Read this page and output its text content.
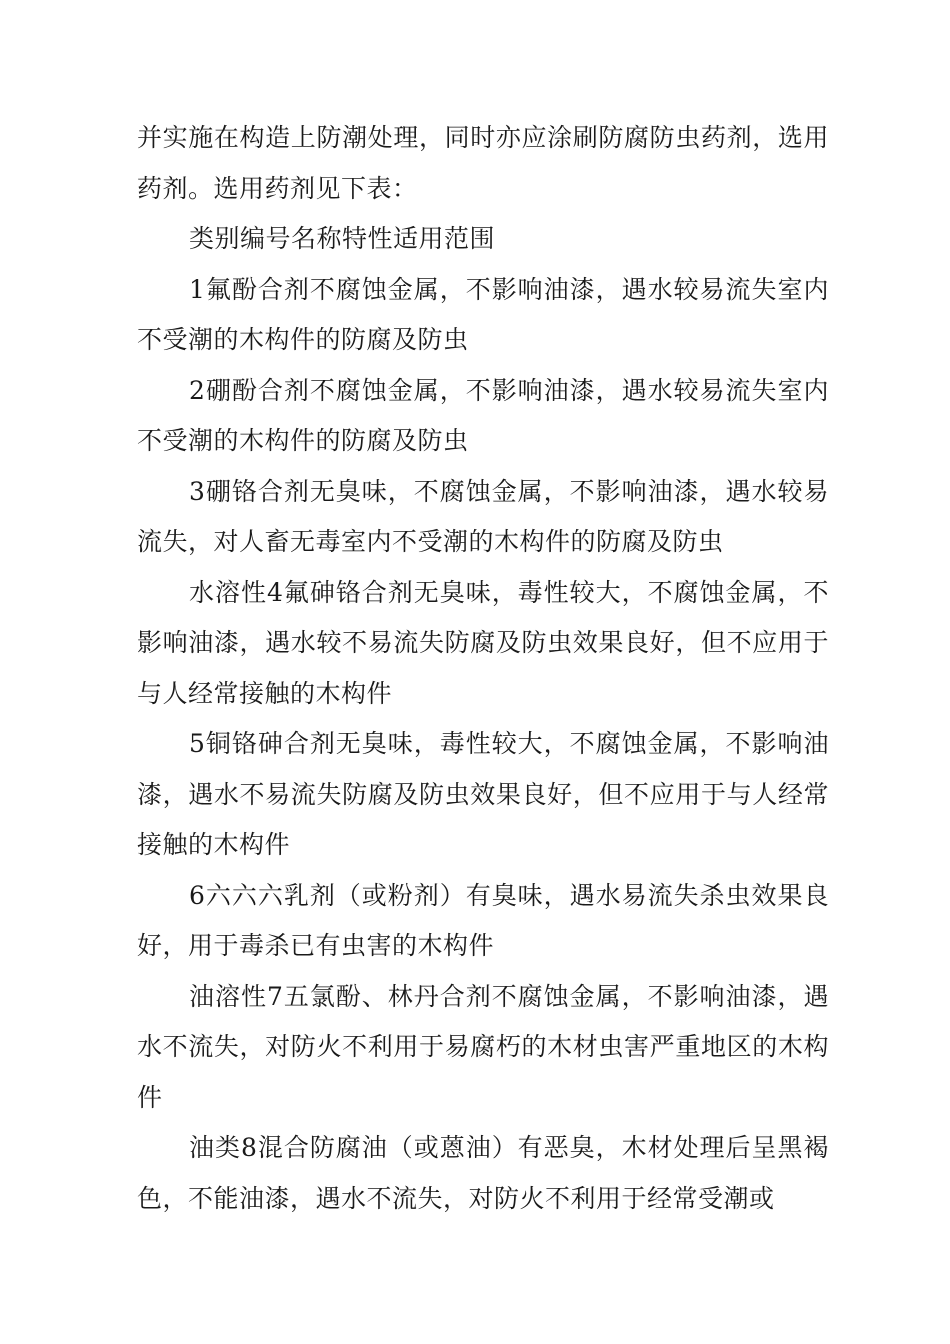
并实施在构造上防潮处理，同时亦应涂刷防腐防虫药剂，选用药剂。选用药剂见下表：

类别编号名称特性适用范围

1氟酚合剂不腐蚀金属，不影响油漆，遇水较易流失室内不受潮的木构件的防腐及防虫

2硼酚合剂不腐蚀金属，不影响油漆，遇水较易流失室内不受潮的木构件的防腐及防虫

3硼铬合剂无臭味，不腐蚀金属，不影响油漆，遇水较易流失，对人畜无毒室内不受潮的木构件的防腐及防虫

水溶性4氟砷铬合剂无臭味，毒性较大，不腐蚀金属，不影响油漆，遇水较不易流失防腐及防虫效果良好，但不应用于与人经常接触的木构件

5铜铬砷合剂无臭味，毒性较大，不腐蚀金属，不影响油漆，遇水不易流失防腐及防虫效果良好，但不应用于与人经常接触的木构件

6六六六乳剂（或粉剂）有臭味，遇水易流失杀虫效果良好，用于毒杀已有虫害的木构件

油溶性7五氯酚、林丹合剂不腐蚀金属，不影响油漆，遇水不流失，对防火不利用于易腐朽的木材虫害严重地区的木构件

油类8混合防腐油（或蒽油）有恶臭，木材处理后呈黑褐色，不能油漆，遇水不流失，对防火不利用于经常受潮或
